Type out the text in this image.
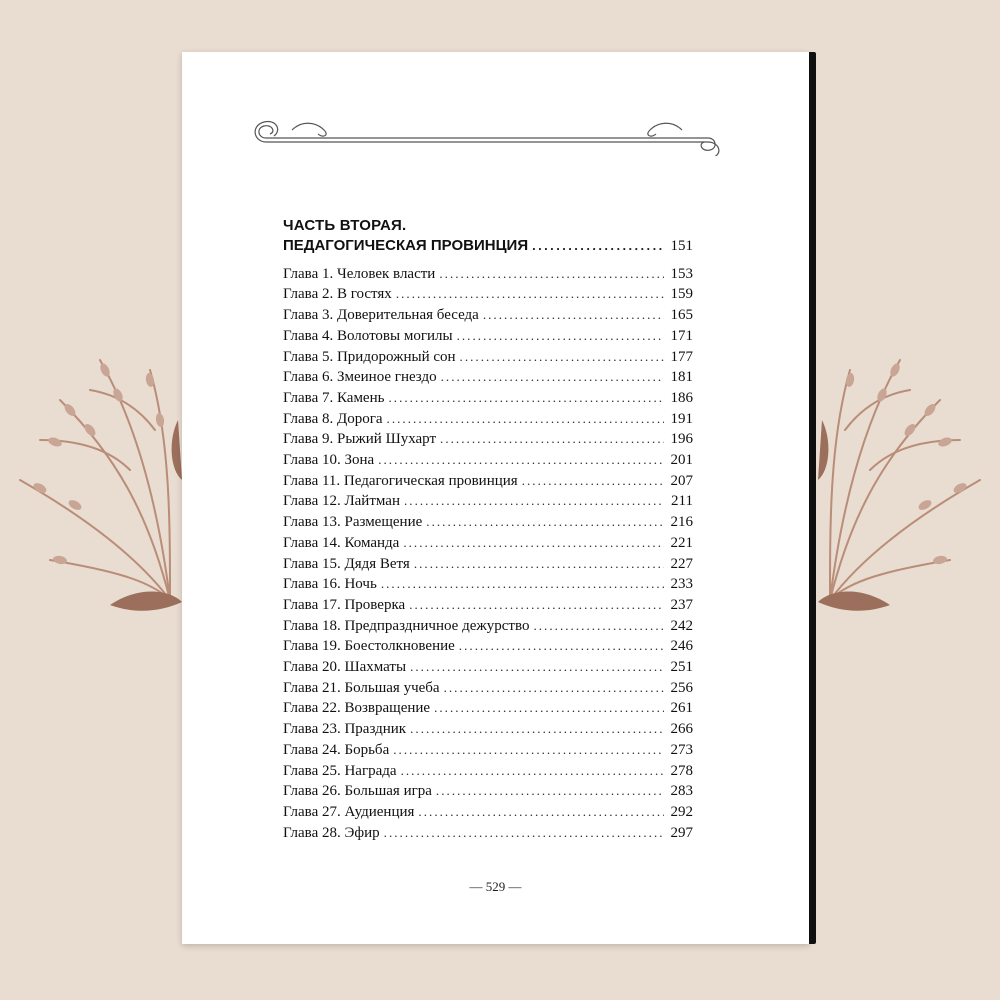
ЧАСТЬ ВТОРАЯ.
ПЕДАГОГИЧЕСКАЯ ПРОВИНЦИЯ . . .	151
Глава 1. Человек власти . . .	153
Глава 2. В гостях . . .	159
Глава 3. Доверительная беседа . . .	165
Глава 4. Волотовы могилы . . .	171
Глава 5. Придорожный сон . . .	177
Глава 6. Змеиное гнездо . . .	181
Глава 7. Камень . . .	186
Глава 8. Дорога . . .	191
Глава 9. Рыжий Шухарт . . .	196
Глава 10. Зона . . .	201
Глава 11. Педагогическая провинция . . .	207
Глава 12. Лайтман . . .	211
Глава 13. Размещение . . .	216
Глава 14. Команда . . .	221
Глава 15. Дядя Ветя . . .	227
Глава 16. Ночь . . .	233
Глава 17. Проверка . . .	237
Глава 18. Предпраздничное дежурство . . .	242
Глава 19. Боестолкновение . . .	246
Глава 20. Шахматы . . .	251
Глава 21. Большая учеба . . .	256
Глава 22. Возвращение . . .	261
Глава 23. Праздник . . .	266
Глава 24. Борьба . . .	273
Глава 25. Награда . . .	278
Глава 26. Большая игра . . .	283
Глава 27. Аудиенция . . .	292
Глава 28. Эфир . . .	297
— 529 —
